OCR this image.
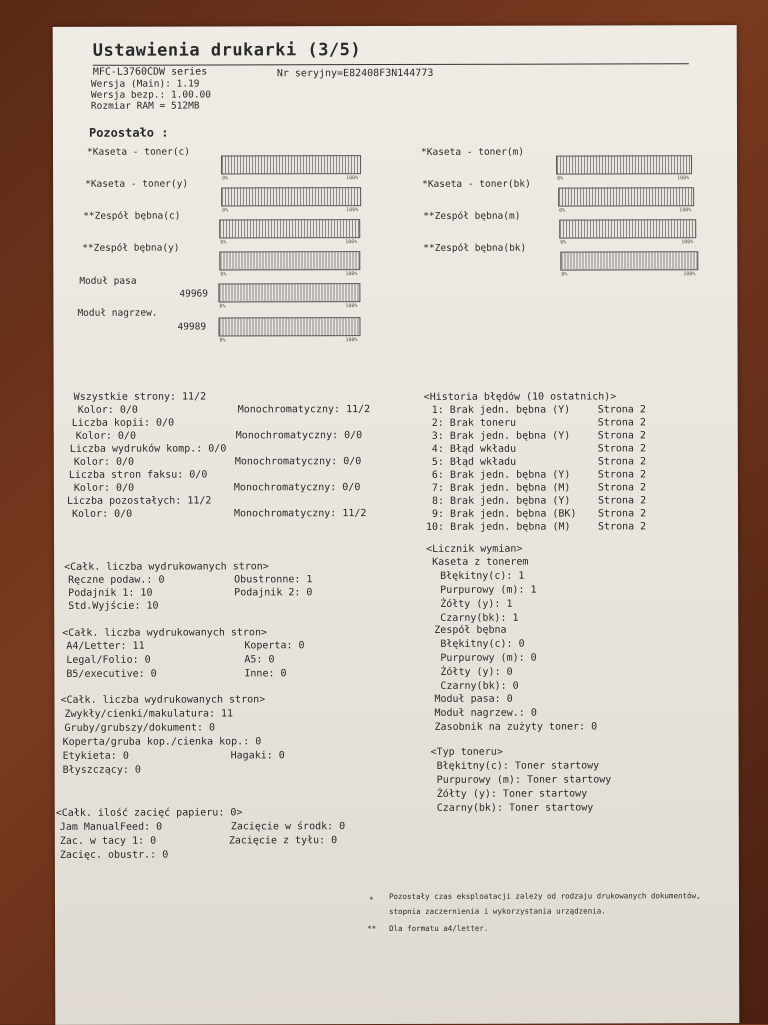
Ustawienia drukarki (3/5)
MFC-L3760CDW series	Nr seryjny=E82408F3N144773
Wersja (Main): 1.19
Wersja bezp.: 1.00.00
Rozmiar RAM = 512MB
Pozostało :
*Kaseta - toner(c)
0%	100%
*Kaseta - toner(y)
0%	100%
**Zespół bębna(c)
0%	100%
**Zespół bębna(y)
0%	100%
Moduł pasa
49969
0%	100%
Moduł nagrzew.
49989
0%	100%
*Kaseta - toner(m)
0%	100%
*Kaseta - toner(bk)
0%	100%
**Zespół bębna(m)
0%	100%
**Zespół bębna(bk)
0%	100%
Wszystkie strony: 11/2
Kolor: 0/0	Monochromatyczny: 11/2
Liczba kopii: 0/0
Kolor: 0/0	Monochromatyczny: 0/0
Liczba wydruków komp.: 0/0
Kolor: 0/0	Monochromatyczny: 0/0
Liczba stron faksu: 0/0
Kolor: 0/0	Monochromatyczny: 0/0
Liczba pozostałych: 11/2
Kolor: 0/0	Monochromatyczny: 11/2
<Historia błędów (10 ostatnich)>
1: Brak jedn. bębna (Y)	Strona 2
2: Brak toneru	Strona 2
3: Brak jedn. bębna (Y)	Strona 2
4: Błąd wkładu	Strona 2
5: Błąd wkładu	Strona 2
6: Brak jedn. bębna (Y)	Strona 2
7: Brak jedn. bębna (M)	Strona 2
8: Brak jedn. bębna (Y)	Strona 2
9: Brak jedn. bębna (BK) Strona 2
10: Brak jedn. bębna (M)	Strona 2
<Całk. liczba wydrukowanych stron>
Ręczne podaw.: 0	Obustronne: 1
Podajnik 1: 10	Podajnik 2: 0
Std.Wyjście: 10
<Całk. liczba wydrukowanych stron>
A4/Letter: 11	Koperta: 0
Legal/Folio: 0	A5: 0
B5/executive: 0	Inne: 0
<Całk. liczba wydrukowanych stron>
Zwykły/cienki/makulatura: 11
Gruby/grubszy/dokument: 0
Koperta/gruba kop./cienka kop.: 0
Etykieta: 0	Hagaki: 0
Błyszczący: 0
<Całk. ilość zacięć papieru: 0>
Jam ManualFeed: 0	Zacięcie w środk: 0
Zac. w tacy 1: 0	Zacięcie z tyłu: 0
Zacięc. obustr.: 0
<Licznik wymian>
Kaseta z tonerem
Błękitny(c): 1
Purpurowy (m): 1
Żółty (y): 1
Czarny(bk): 1
Zespół bębna
Błękitny(c): 0
Purpurowy (m): 0
Żółty (y): 0
Czarny(bk): 0
Moduł pasa: 0
Moduł nagrzew.: 0
Zasobnik na zużyty toner: 0
<Typ toneru>
Błękitny(c): Toner startowy
Purpurowy (m): Toner startowy
Żółty (y): Toner startowy
Czarny(bk): Toner startowy
* Pozostały czas eksploatacji zależy od rodzaju drukowanych dokumentów,
stopnia zaczernienia i wykorzystania urządzenia.
** Dla formatu a4/letter.
